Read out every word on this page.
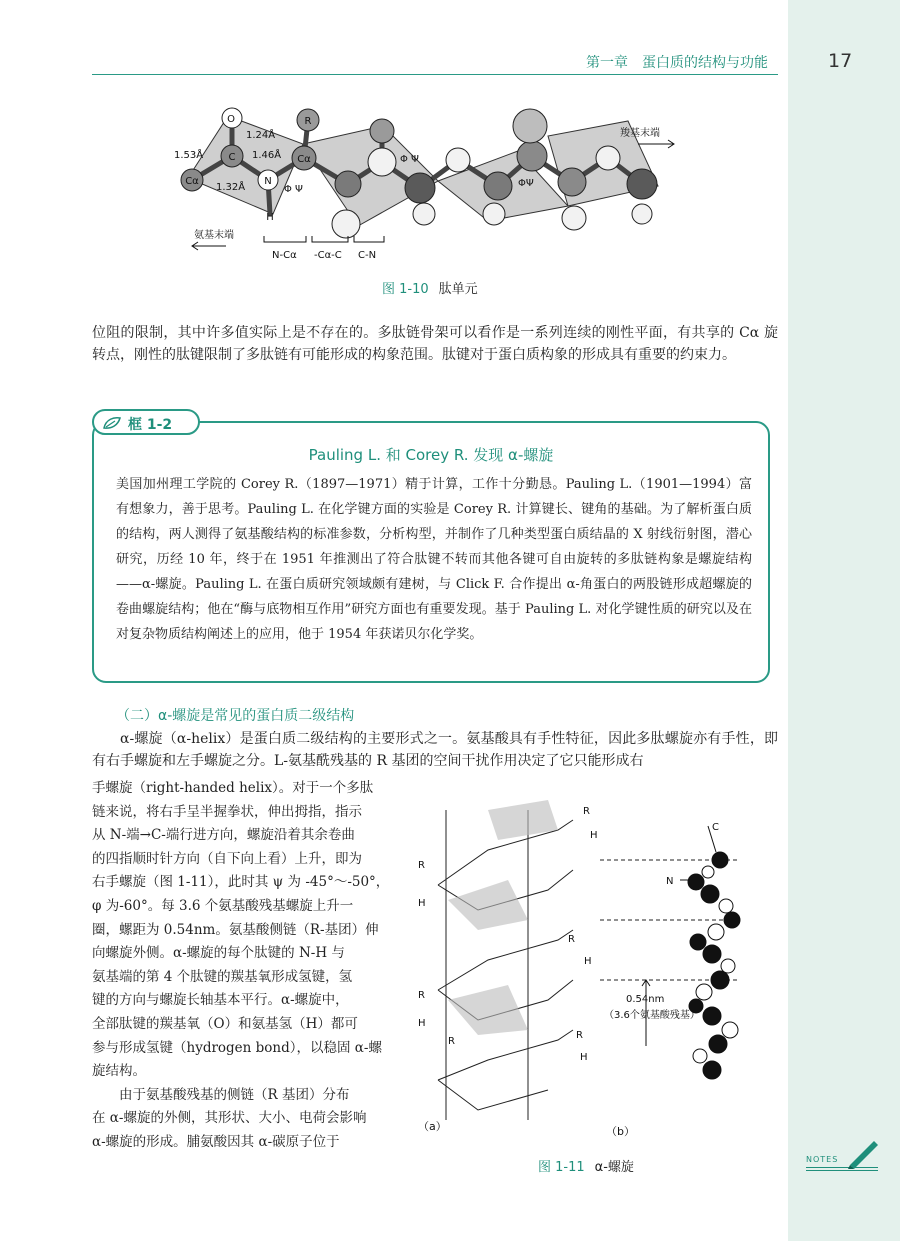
第一章　蛋白质的结构与功能	17
O	R
C
N
H
Cα
Cα
1.53Å
1.24Å
1.46Å
1.32Å	Φ Ψ
Φ Ψ
ΦΨ
羧基末端
氨基末端
N-Cα -Cα-C C-N
图 1-10 肽单元
位阻的限制，其中许多值实际上是不存在的。多肽链骨架可以看作是一系列连续的刚性平面，有共享的 Cα 旋转点，刚性的肽键限制了多肽链有可能形成的构象范围。肽键对于蛋白质构象的形成具有重要的约束力。
框 1-2
Pauling L. 和 Corey R. 发现 α-螺旋
美国加州理工学院的 Corey R.（1897—1971）精于计算，工作十分勤恳。Pauling L.（1901—1994）富有想象力，善于思考。Pauling L. 在化学键方面的实验是 Corey R. 计算键长、键角的基础。为了解析蛋白质的结构，两人测得了氨基酸结构的标准参数，分析构型，并制作了几种类型蛋白质结晶的 X 射线衍射图，潜心研究，历经 10 年，终于在 1951 年推测出了符合肽键不转而其他各键可自由旋转的多肽链构象是螺旋结构——α-螺旋。Pauling L. 在蛋白质研究领域颇有建树，与 Click F. 合作提出 α-角蛋白的两股链形成超螺旋的卷曲螺旋结构；他在“酶与底物相互作用”研究方面也有重要发现。基于 Pauling L. 对化学键性质的研究以及在对复杂物质结构阐述上的应用，他于 1954 年获诺贝尔化学奖。
（二）α-螺旋是常见的蛋白质二级结构
α-螺旋（α-helix）是蛋白质二级结构的主要形式之一。氨基酸具有手性特征，因此多肽螺旋亦有手性，即有右手螺旋和左手螺旋之分。L-氨基酰残基的 R 基团的空间干扰作用决定了它只能形成右
手螺旋（right-handed helix）。对于一个多肽
链来说，将右手呈半握拳状，伸出拇指，指示
从 N-端→C-端行进方向，螺旋沿着其余卷曲
的四指顺时针方向（自下向上看）上升，即为
右手螺旋（图 1-11），此时其 ψ 为 -45°～-50°，
φ 为-60°。每 3.6 个氨基酸残基螺旋上升一
圈，螺距为 0.54nm。氨基酸侧链（R-基团）伸
向螺旋外侧。α-螺旋的每个肽键的 N-H 与
氨基端的第 4 个肽键的羰基氧形成氢键，氢
键的方向与螺旋长轴基本平行。α-螺旋中，
全部肽键的羰基氧（O）和氨基氢（H）都可
参与形成氢键（hydrogen bond），以稳固 α-螺
旋结构。
　　由于氨基酸残基的侧链（R 基团）分布
在 α-螺旋的外侧，其形状、大小、电荷会影响
α-螺旋的形成。脯氨酸因其 α-碳原子位于
R
H
R
H
R
H
R
H
R
H
R
（a）
C
N
0.54nm
（3.6个氨基酸残基）
（b）
图 1-11 α-螺旋
NOTES
